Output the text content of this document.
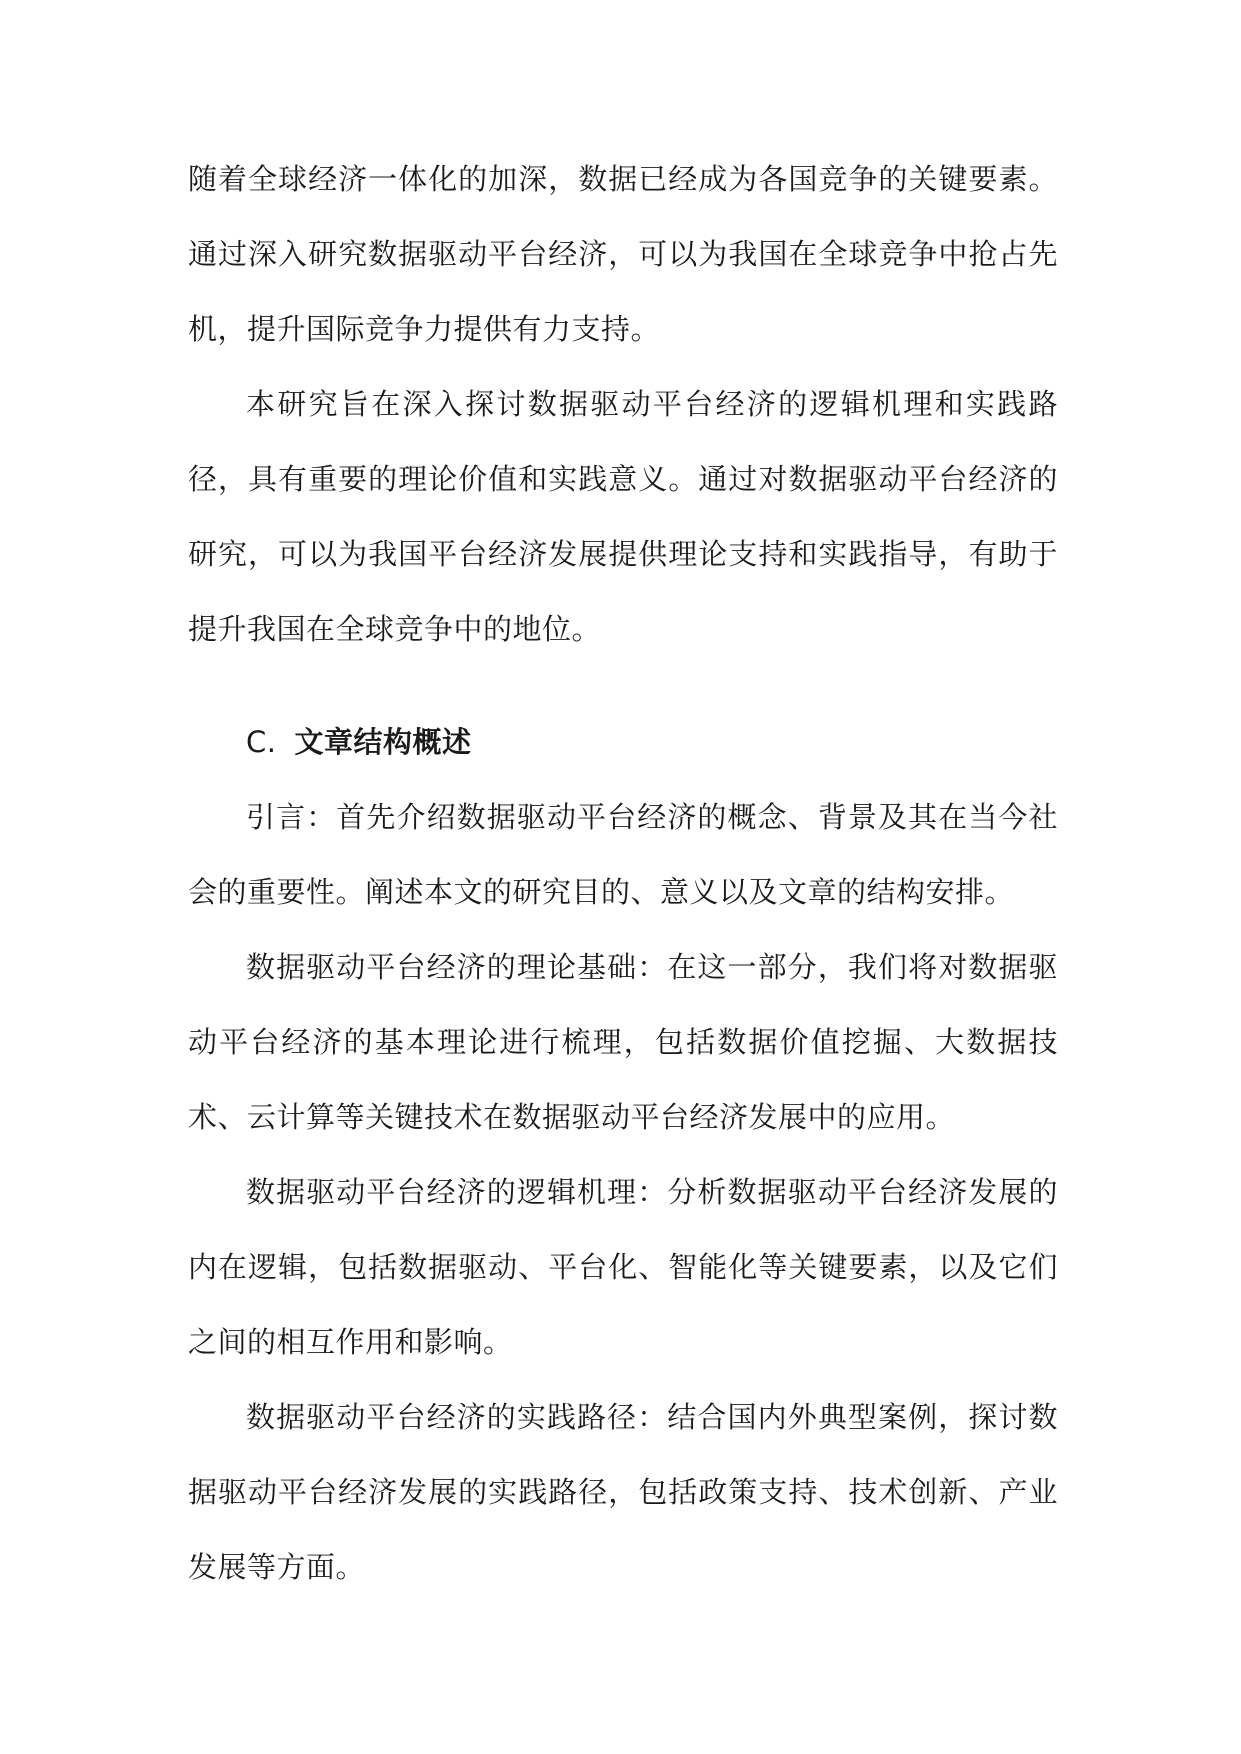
随着全球经济一体化的加深，数据已经成为各国竞争的关键要素。通过深入研究数据驱动平台经济，可以为我国在全球竞争中抢占先机，提升国际竞争力提供有力支持。

本研究旨在深入探讨数据驱动平台经济的逻辑机理和实践路径，具有重要的理论价值和实践意义。通过对数据驱动平台经济的研究，可以为我国平台经济发展提供理论支持和实践指导，有助于提升我国在全球竞争中的地位。

C. 文章结构概述

引言：首先介绍数据驱动平台经济的概念、背景及其在当今社会的重要性。阐述本文的研究目的、意义以及文章的结构安排。

数据驱动平台经济的理论基础：在这一部分，我们将对数据驱动平台经济的基本理论进行梳理，包括数据价值挖掘、大数据技术、云计算等关键技术在数据驱动平台经济发展中的应用。

数据驱动平台经济的逻辑机理：分析数据驱动平台经济发展的内在逻辑，包括数据驱动、平台化、智能化等关键要素，以及它们之间的相互作用和影响。

数据驱动平台经济的实践路径：结合国内外典型案例，探讨数据驱动平台经济发展的实践路径，包括政策支持、技术创新、产业发展等方面。
